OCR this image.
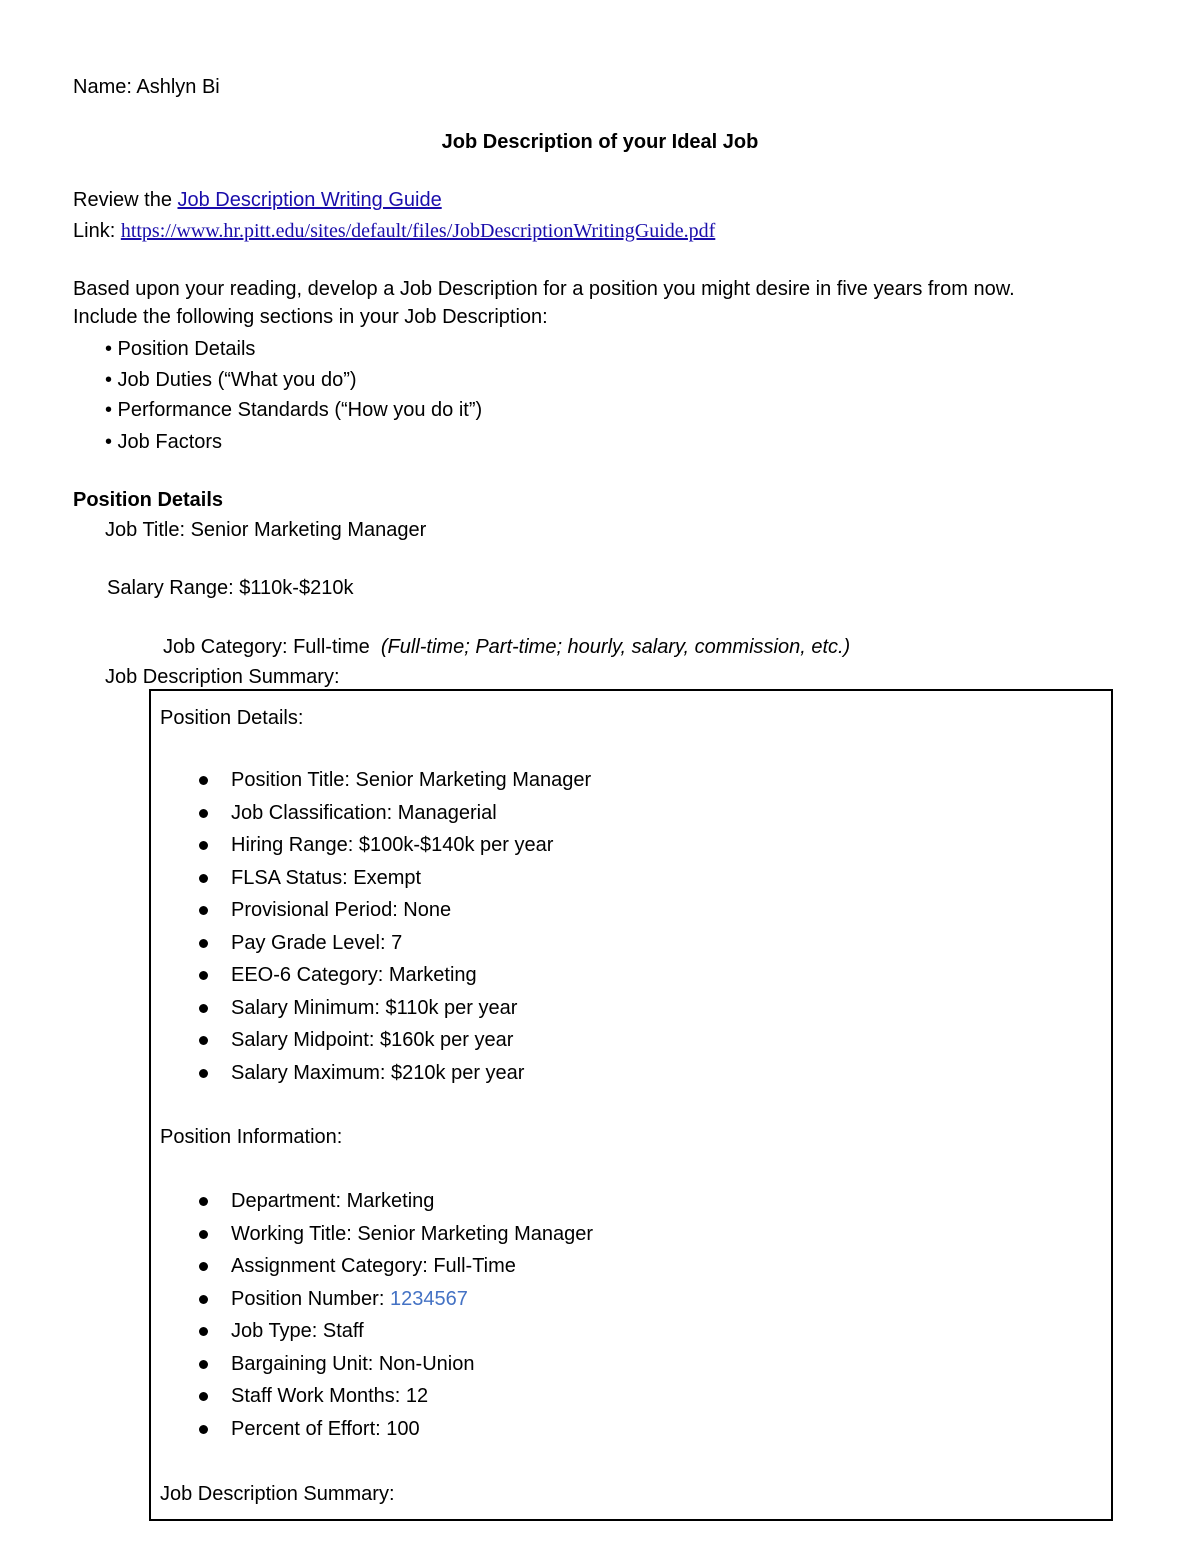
Name: Ashlyn Bi
Job Description of your Ideal Job
Review the Job Description Writing Guide
Link: https://www.hr.pitt.edu/sites/default/files/JobDescriptionWritingGuide.pdf
Based upon your reading, develop a Job Description for a position you might desire in five years from now.
Include the following sections in your Job Description:
• Position Details
• Job Duties (“What you do”)
• Performance Standards (“How you do it”)
• Job Factors
Position Details
Job Title: Senior Marketing Manager
Salary Range: $110k-$210k
Job Category: Full-time (Full-time; Part-time; hourly, salary, commission, etc.)
Job Description Summary:
Position Details:
Position Title: Senior Marketing Manager
Job Classification: Managerial
Hiring Range: $100k-$140k per year
FLSA Status: Exempt
Provisional Period: None
Pay Grade Level: 7
EEO-6 Category: Marketing
Salary Minimum: $110k per year
Salary Midpoint: $160k per year
Salary Maximum: $210k per year
Position Information:
Department: Marketing
Working Title: Senior Marketing Manager
Assignment Category: Full-Time
Position Number: 1234567
Job Type: Staff
Bargaining Unit: Non-Union
Staff Work Months: 12
Percent of Effort: 100
Job Description Summary:
